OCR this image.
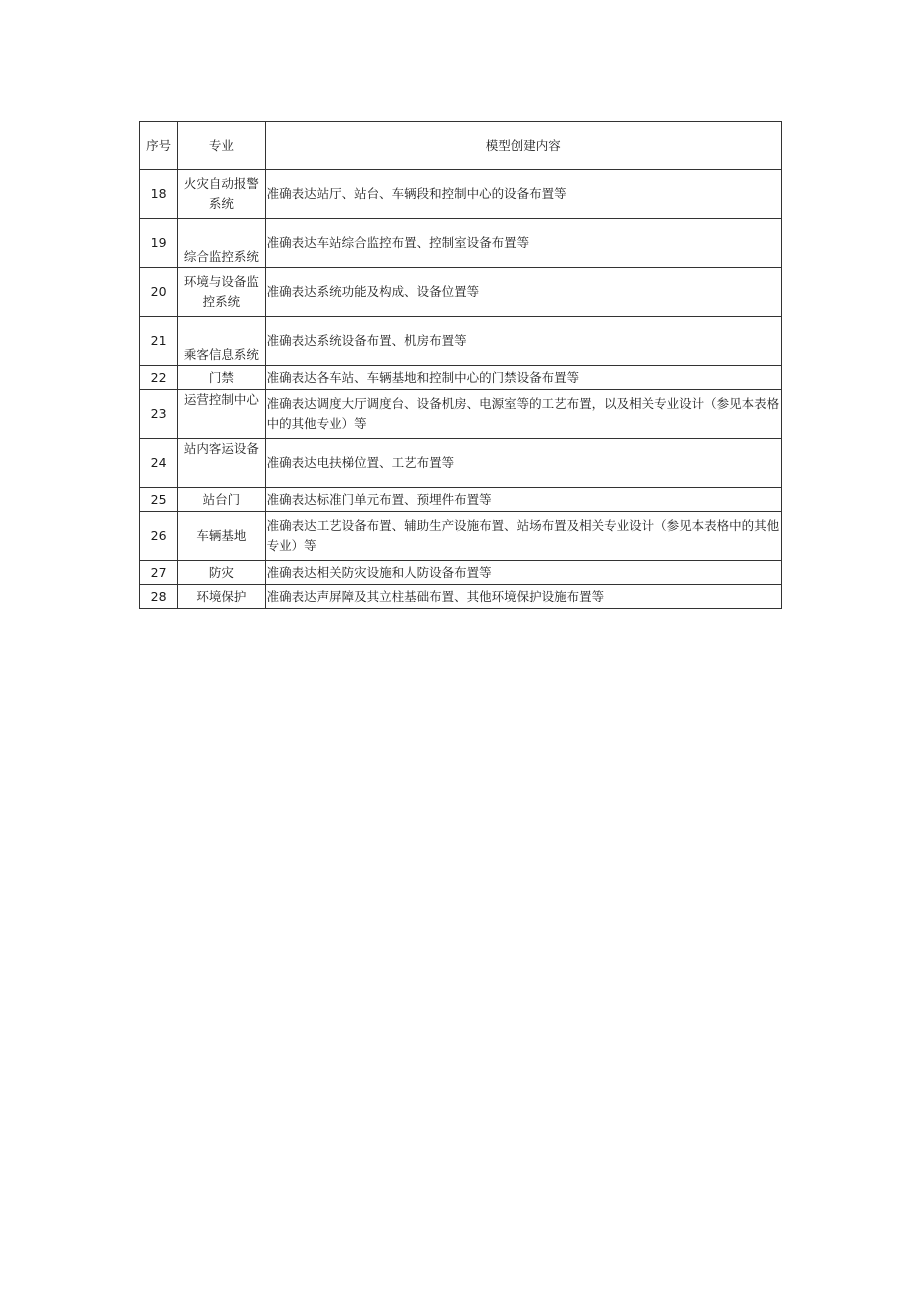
序号	专业	模型创建内容
18	火灾自动报警系统	准确表达站厅、站台、车辆段和控制中心的设备布置等
19	综合监控系统	准确表达车站综合监控布置、控制室设备布置等
20	环境与设备监控系统	准确表达系统功能及构成、设备位置等
21	乘客信息系统	准确表达系统设备布置、机房布置等
22	门禁	准确表达各车站、车辆基地和控制中心的门禁设备布置等
23	运营控制中心	准确表达调度大厅调度台、设备机房、电源室等的工艺布置，以及相关专业设计（参见本表格中的其他专业）等
24	站内客运设备	准确表达电扶梯位置、工艺布置等
25	站台门	准确表达标准门单元布置、预埋件布置等
26	车辆基地	准确表达工艺设备布置、辅助生产设施布置、站场布置及相关专业设计（参见本表格中的其他专业）等
27	防灾	准确表达相关防灾设施和人防设备布置等
28	环境保护	准确表达声屏障及其立柱基础布置、其他环境保护设施布置等
